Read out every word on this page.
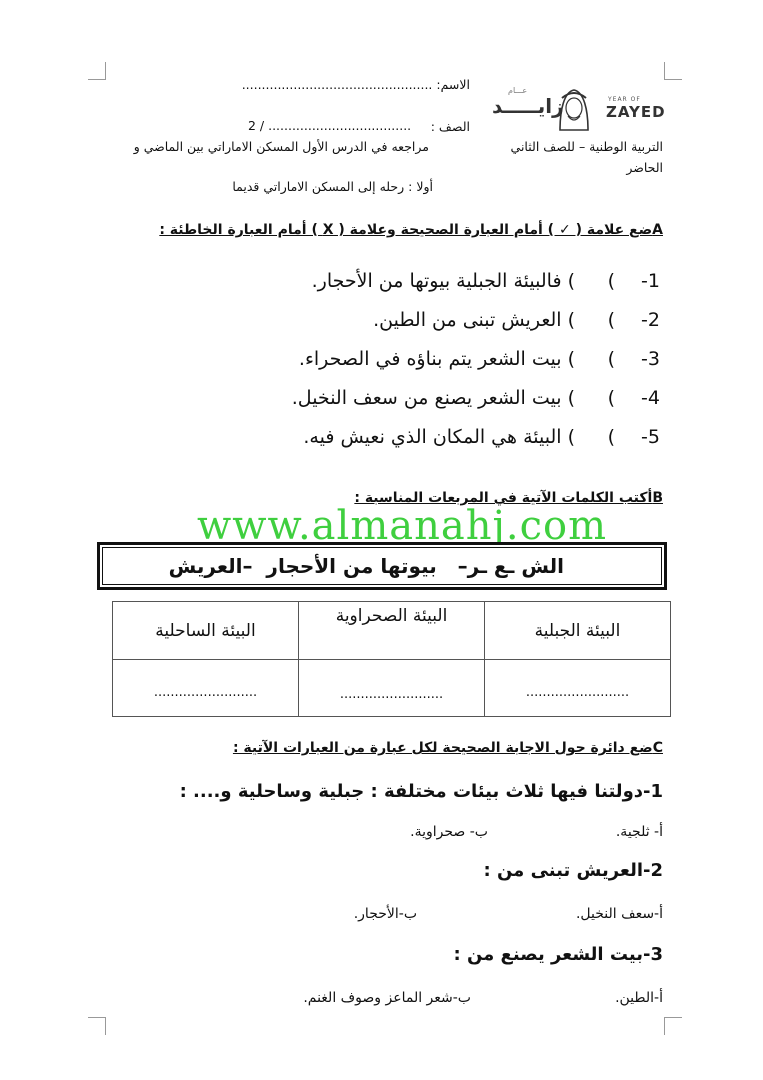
الاسم: ................................................	عـــام
زايـــــد	YEAR OF
ZAYED
الصف :
2 / ....................................
التربية الوطنية – للصف الثاني
مراجعه في الدرس الأول المسكن الاماراتي بين الماضي و
الحاضر
أولا : رحله إلى المسكن الاماراتي قديما
Aضع علامة ( ✓ ) أمام العبارة الصحيحة وعلامة ( X ) أمام العبارة الخاطئة :
-1
(
) فالبيئة الجبلية بيوتها من الأحجار.
-2
(
) العريش تبنى من الطين.
-3
(
) بيت الشعر يتم بناؤه في الصحراء.
-4
(
) بيت الشعر يصنع من سعف النخيل.
-5
(
) البيئة هي المكان الذي نعيش فيه.
Bأكتب الكلمات الآتية في المربعات المناسبة :
www.almanahj.com
الش ـع ـر–   بيوتها من الأحجار  –العريش
البيئة الساحلية	البيئة الصحراوية	البيئة الجبلية
.........................	.........................	.........................
Cضع دائرة حول الاجابة الصحيحة لكل عبارة من العبارات الآتية :
1-دولتنا فيها ثلاث بيئات مختلفة : جبلية وساحلية و.... :
أ- ثلجية.
ب- صحراوية.
2-العريش تبنى من :
أ-سعف النخيل.
ب-الأحجار.
3-بيت الشعر يصنع من :
أ-الطين.
ب-شعر الماعز وصوف الغنم.
